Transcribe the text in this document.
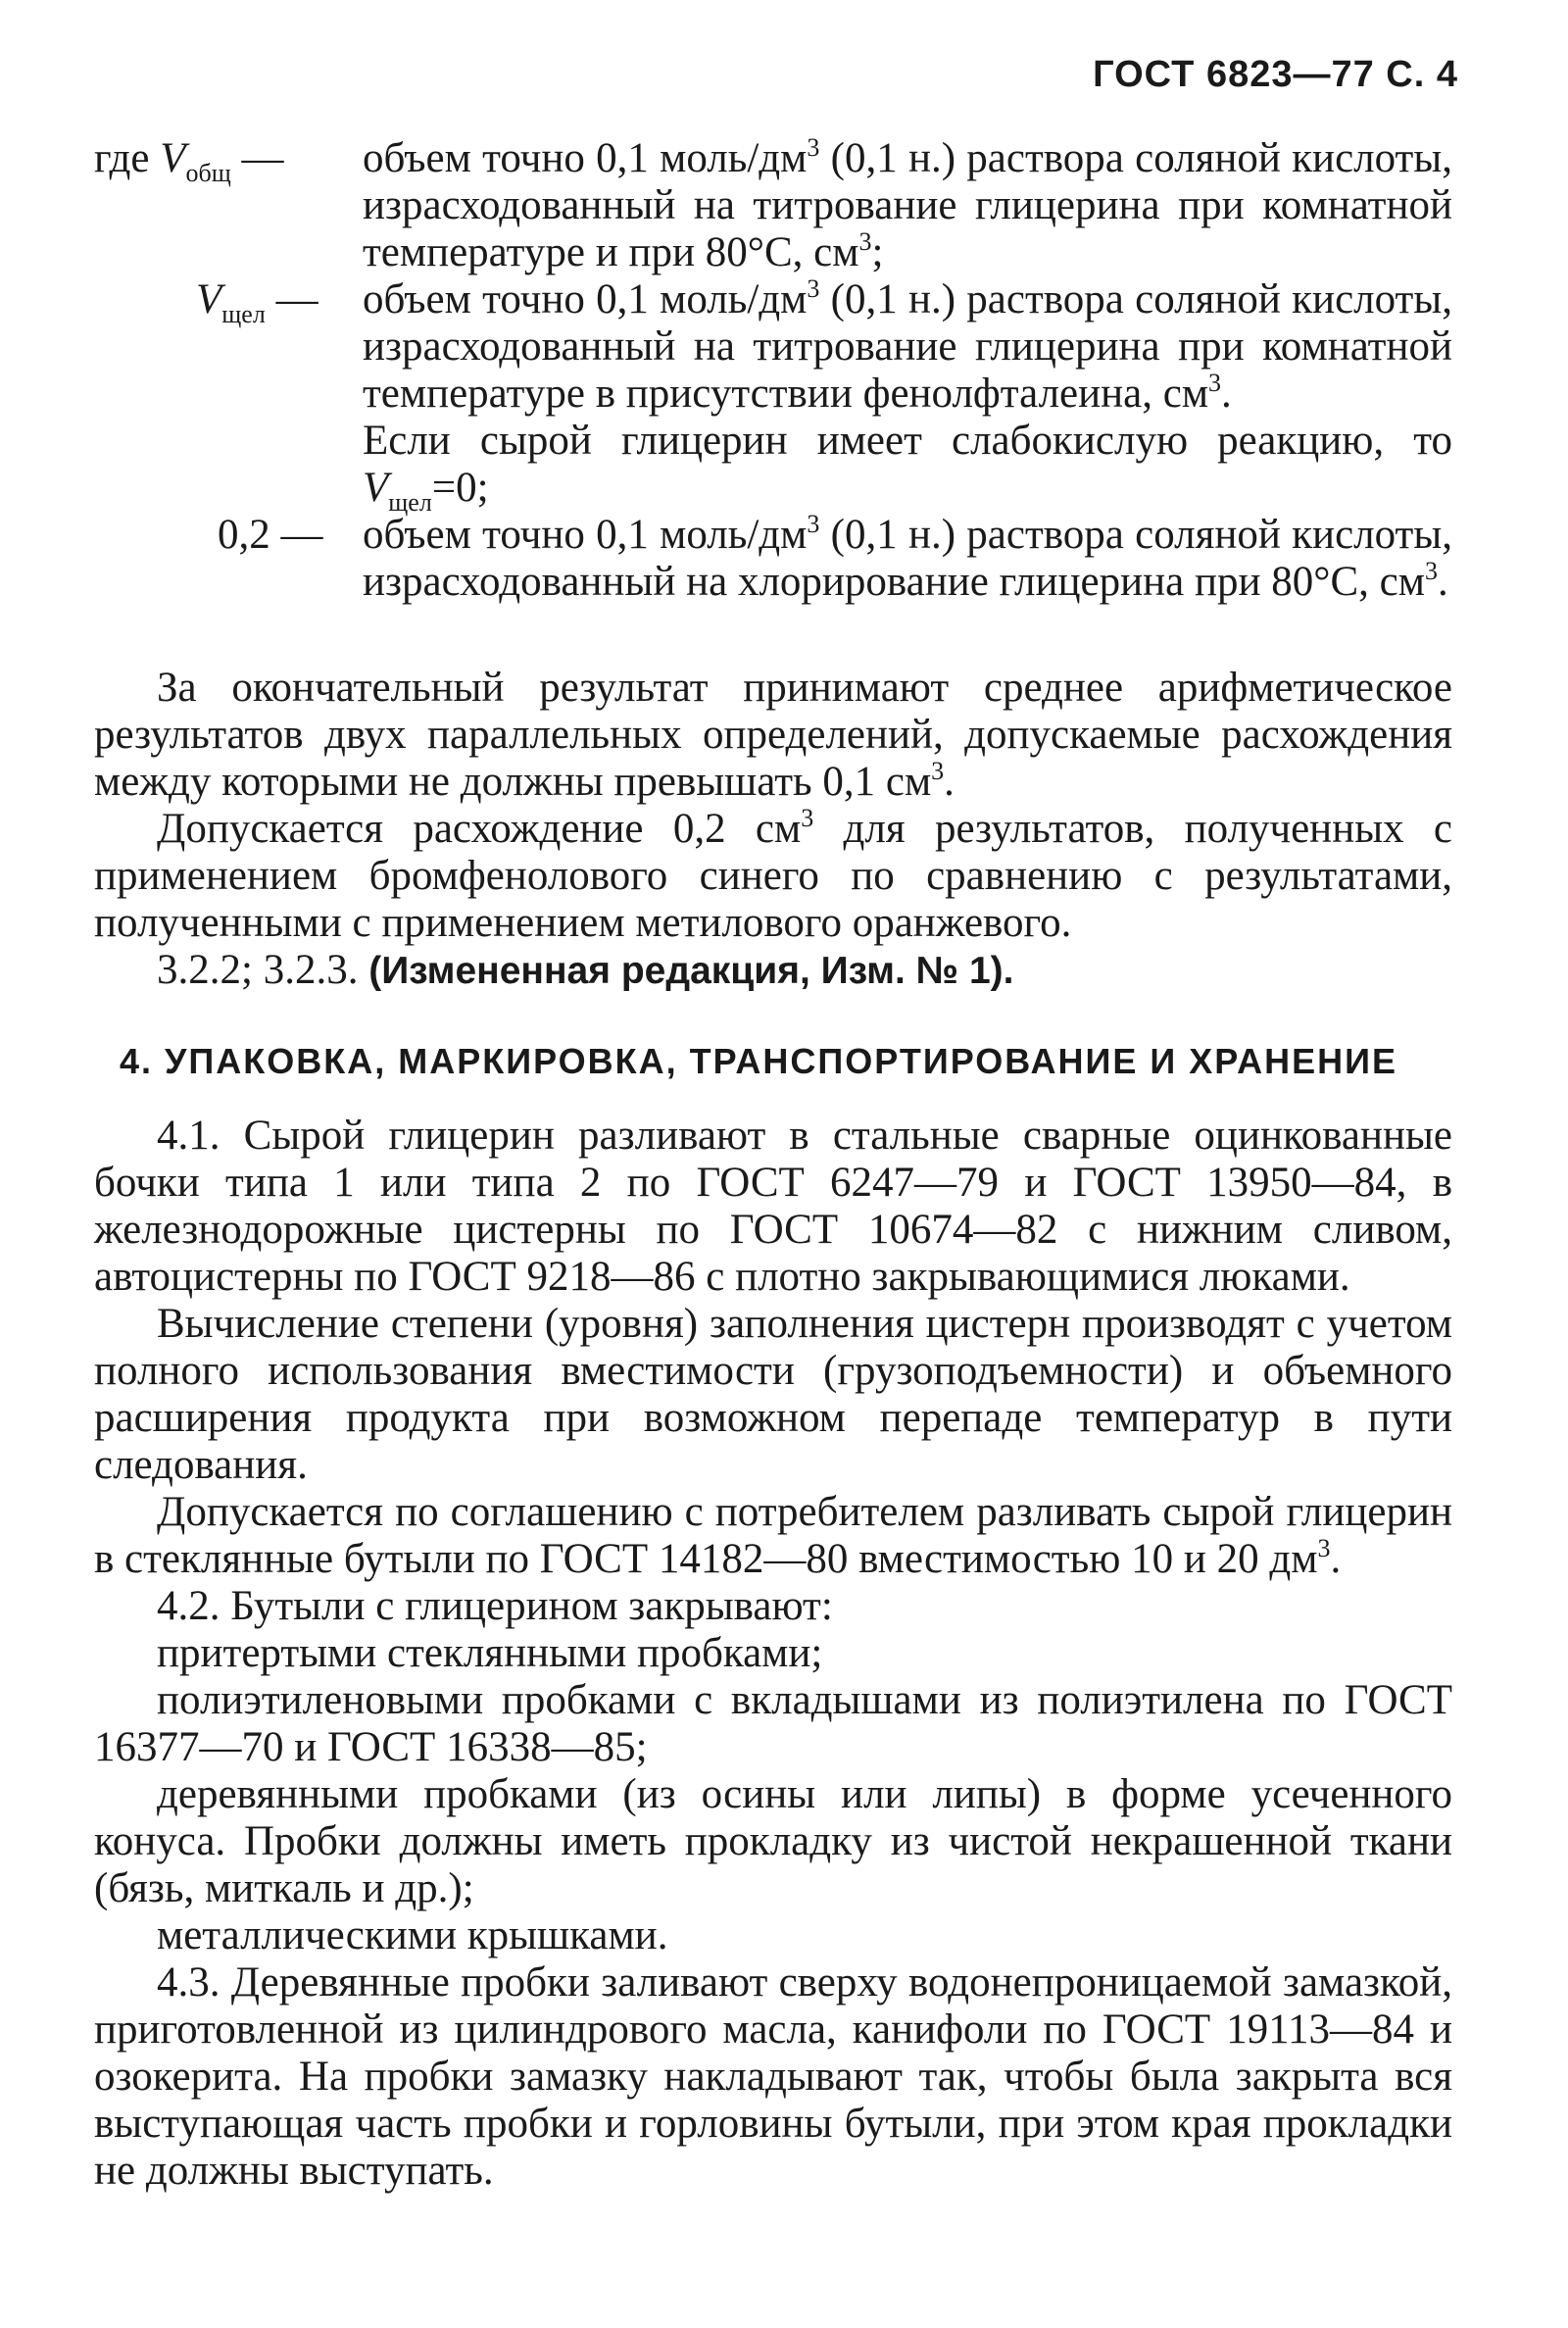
ГОСТ 6823—77 С. 4
где $V_{общ}$ — объем точно 0,1 моль/$дм^3$ (0,1 н.) раствора соляной кислоты, израсходованный на титрование глицерина при комнатной температуре и при 80°С, $см^3$;

$V_{щел}$ — объем точно 0,1 моль/$дм^3$ (0,1 н.) раствора соляной кислоты, израсходованный на титрование глицерина при комнатной температуре в присутствии фенолфталеина, $см^3$.

Если сырой глицерин имеет слабокислую реакцию, то $V_{щел}=0$;

0,2 — объем точно 0,1 моль/$дм^3$ (0,1 н.) раствора соляной кислоты, израсходованный на хлорирование глицерина при 80°С, $см^3$.

За окончательный результат принимают среднее арифметическое результатов двух параллельных определений, допускаемые расхождения между которыми не должны превышать 0,1 $см^3$.

Допускается расхождение 0,2 $см^3$ для результатов, полученных с применением бромфенолового синего по сравнению с результатами, полученными с применением метилового оранжевого.

3.2.2; 3.2.3. (Измененная редакция, Изм. № 1).

4. УПАКОВКА, МАРКИРОВКА, ТРАНСПОРТИРОВАНИЕ И ХРАНЕНИЕ

4.1. Сырой глицерин разливают в стальные сварные оцинкованные бочки типа 1 или типа 2 по ГОСТ 6247—79 и ГОСТ 13950—84, в железнодорожные цистерны по ГОСТ 10674—82 с нижним сливом, автоцистерны по ГОСТ 9218—86 с плотно закрывающимися люками.

Вычисление степени (уровня) заполнения цистерн производят с учетом полного использования вместимости (грузоподъемности) и объемного расширения продукта при возможном перепаде температур в пути следования.

Допускается по соглашению с потребителем разливать сырой глицерин в стеклянные бутыли по ГОСТ 14182—80 вместимостью 10 и 20 $дм^3$.

4.2. Бутыли с глицерином закрывают:

притертыми стеклянными пробками;

полиэтиленовыми пробками с вкладышами из полиэтилена по ГОСТ 16377—70 и ГОСТ 16338—85;

деревянными пробками (из осины или липы) в форме усеченного конуса. Пробки должны иметь прокладку из чистой некрашенной ткани (бязь, миткаль и др.);

металлическими крышками.

4.3. Деревянные пробки заливают сверху водонепроницаемой замазкой, приготовленной из цилиндрового масла, канифоли по ГОСТ 19113—84 и озокерита. На пробки замазку накладывают так, чтобы была закрыта вся выступающая часть пробки и горловины бутыли, при этом края прокладки не должны выступать.
